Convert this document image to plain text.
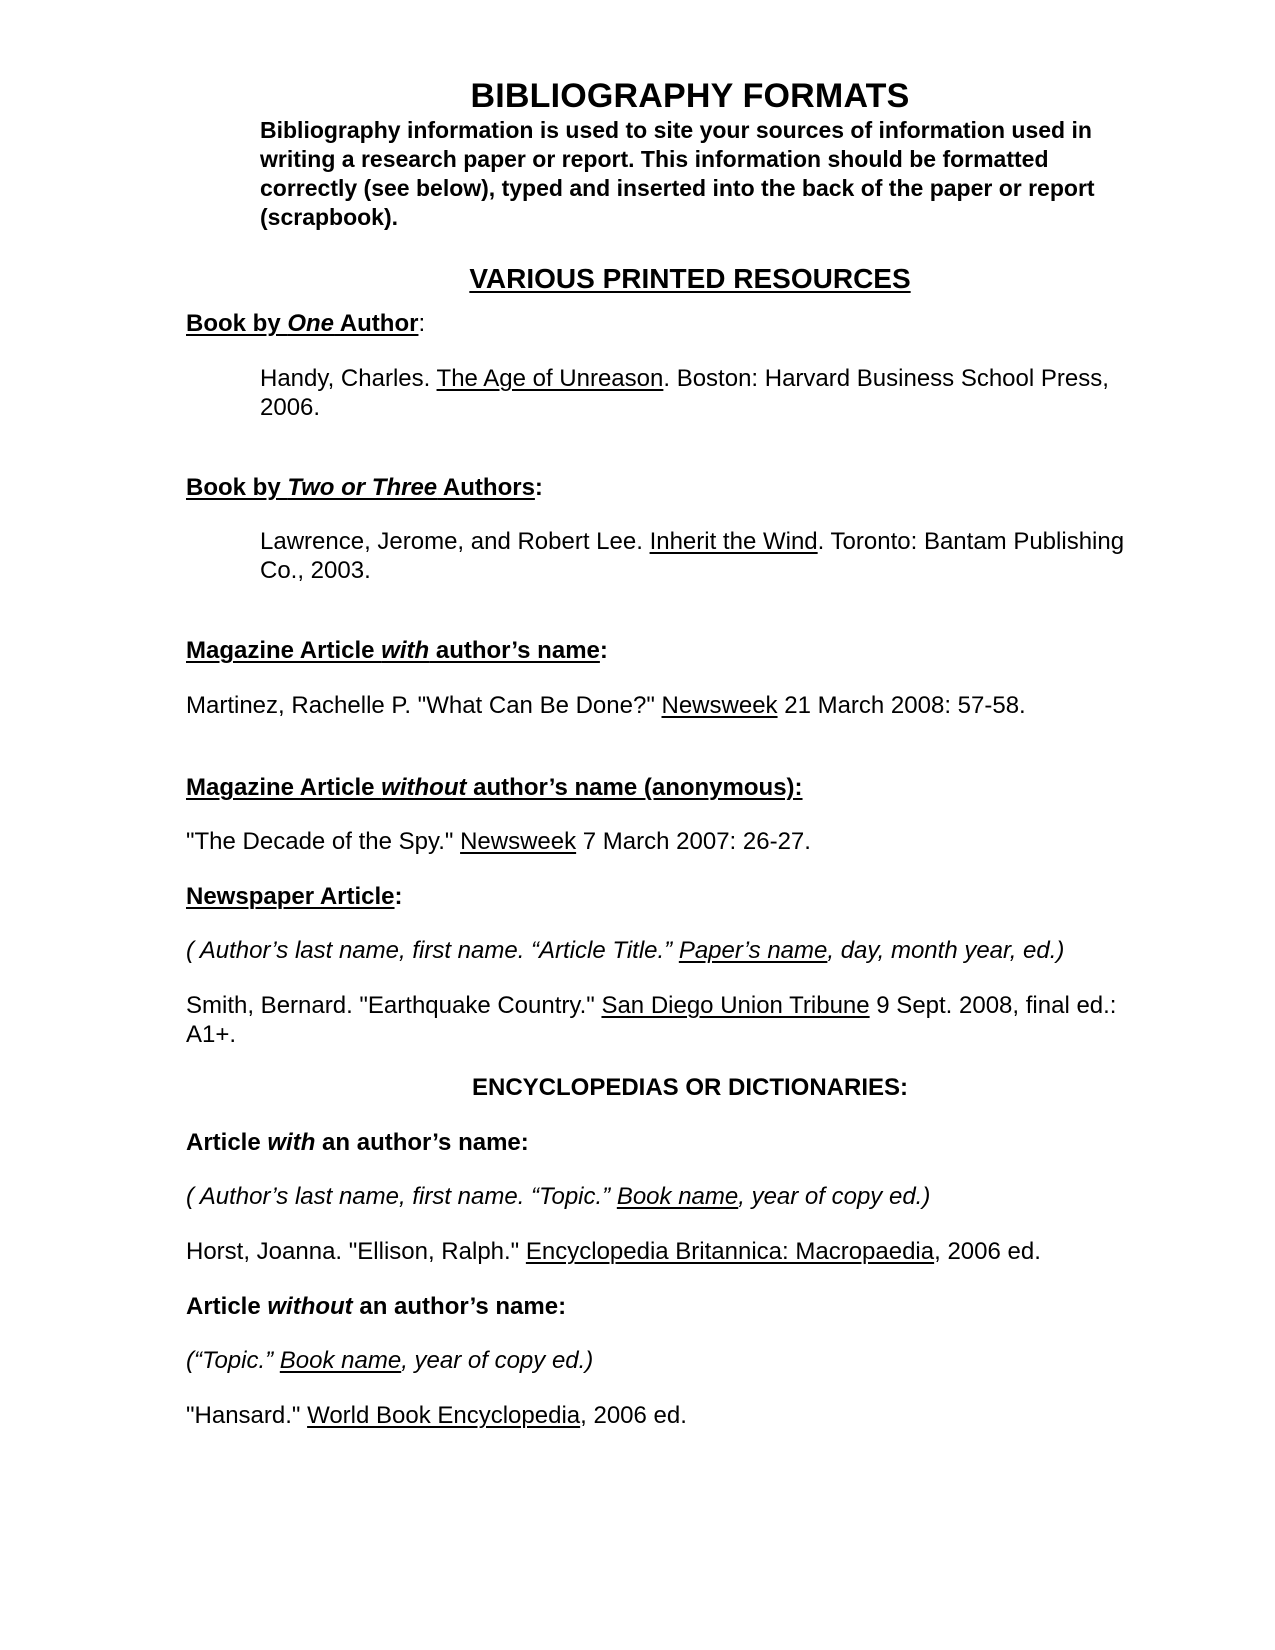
BIBLIOGRAPHY FORMATS
Bibliography information is used to site your sources of information used in
writing a research paper or report. This information should be formatted
correctly (see below), typed and inserted into the back of the paper or report
(scrapbook).
VARIOUS PRINTED RESOURCES
Book by One Author:
Handy, Charles. The Age of Unreason. Boston: Harvard Business School Press,
2006.
Book by Two or Three Authors:
Lawrence, Jerome, and Robert Lee. Inherit the Wind. Toronto: Bantam Publishing
Co., 2003.
Magazine Article with author’s name:
Martinez, Rachelle P. "What Can Be Done?" Newsweek 21 March 2008: 57-58.
Magazine Article without author’s name (anonymous):
"The Decade of the Spy." Newsweek 7 March 2007: 26-27.
Newspaper Article:
( Author’s last name, first name. “Article Title.” Paper’s name, day, month year, ed.)
Smith, Bernard. "Earthquake Country." San Diego Union Tribune 9 Sept. 2008, final ed.:
A1+.
ENCYCLOPEDIAS OR DICTIONARIES:
Article with an author’s name:
( Author’s last name, first name. “Topic.” Book name, year of copy ed.)
Horst, Joanna. "Ellison, Ralph." Encyclopedia Britannica: Macropaedia, 2006 ed.
Article without an author’s name:
(“Topic.” Book name, year of copy ed.)
"Hansard." World Book Encyclopedia, 2006 ed.
